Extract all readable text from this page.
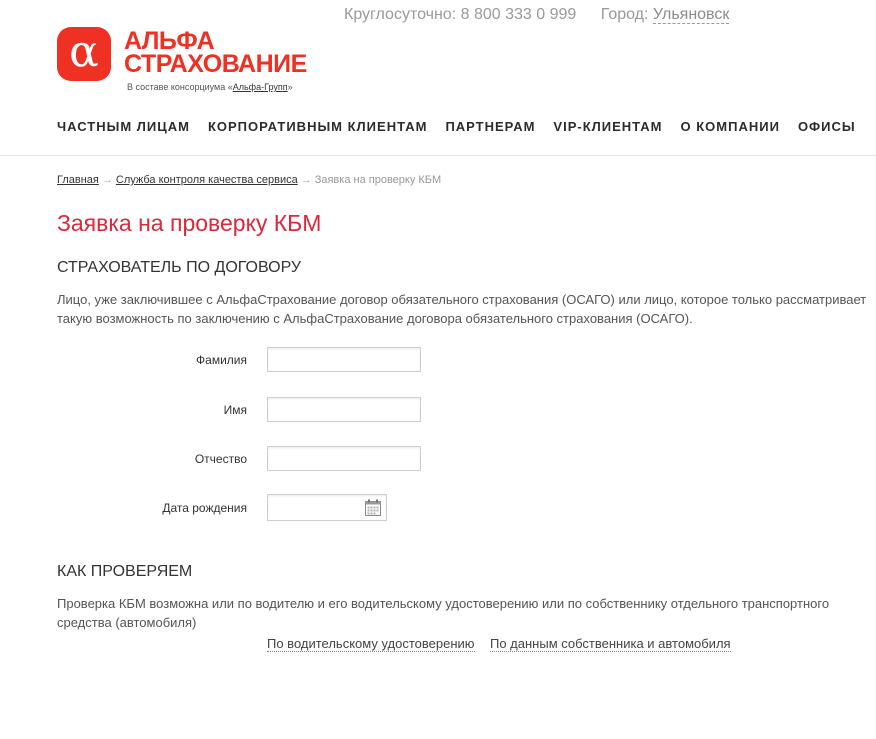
Круглосуточно: 8 800 333 0 999 Город: Ульяновск
α	АЛЬФА
СТРАХОВАНИЕ
В составе консорциума «Альфа-Групп»
ЧАСТНЫМ ЛИЦАМ КОРПОРАТИВНЫМ КЛИЕНТАМ ПАРТНЕРАМ VIP-КЛИЕНТАМ О КОМПАНИИ ОФИСЫ
Главная → Служба контроля качества сервиса → Заявка на проверку КБМ
Заявка на проверку КБМ
СТРАХОВАТЕЛЬ ПО ДОГОВОРУ
Лицо, уже заключившее с АльфаСтрахование договор обязательного страхования (ОСАГО) или лицо, которое только рассматривает такую возможность по заключению с АльфаСтрахование договора обязательного страхования (ОСАГО).
Фамилия
Имя
Отчество
Дата рождения
КАК ПРОВЕРЯЕМ
Проверка КБМ возможна или по водителю и его водительскому удостоверению или по собственнику отдельного транспортного средства (автомобиля)
По водительскому удостоверению По данным собственника и автомобиля
